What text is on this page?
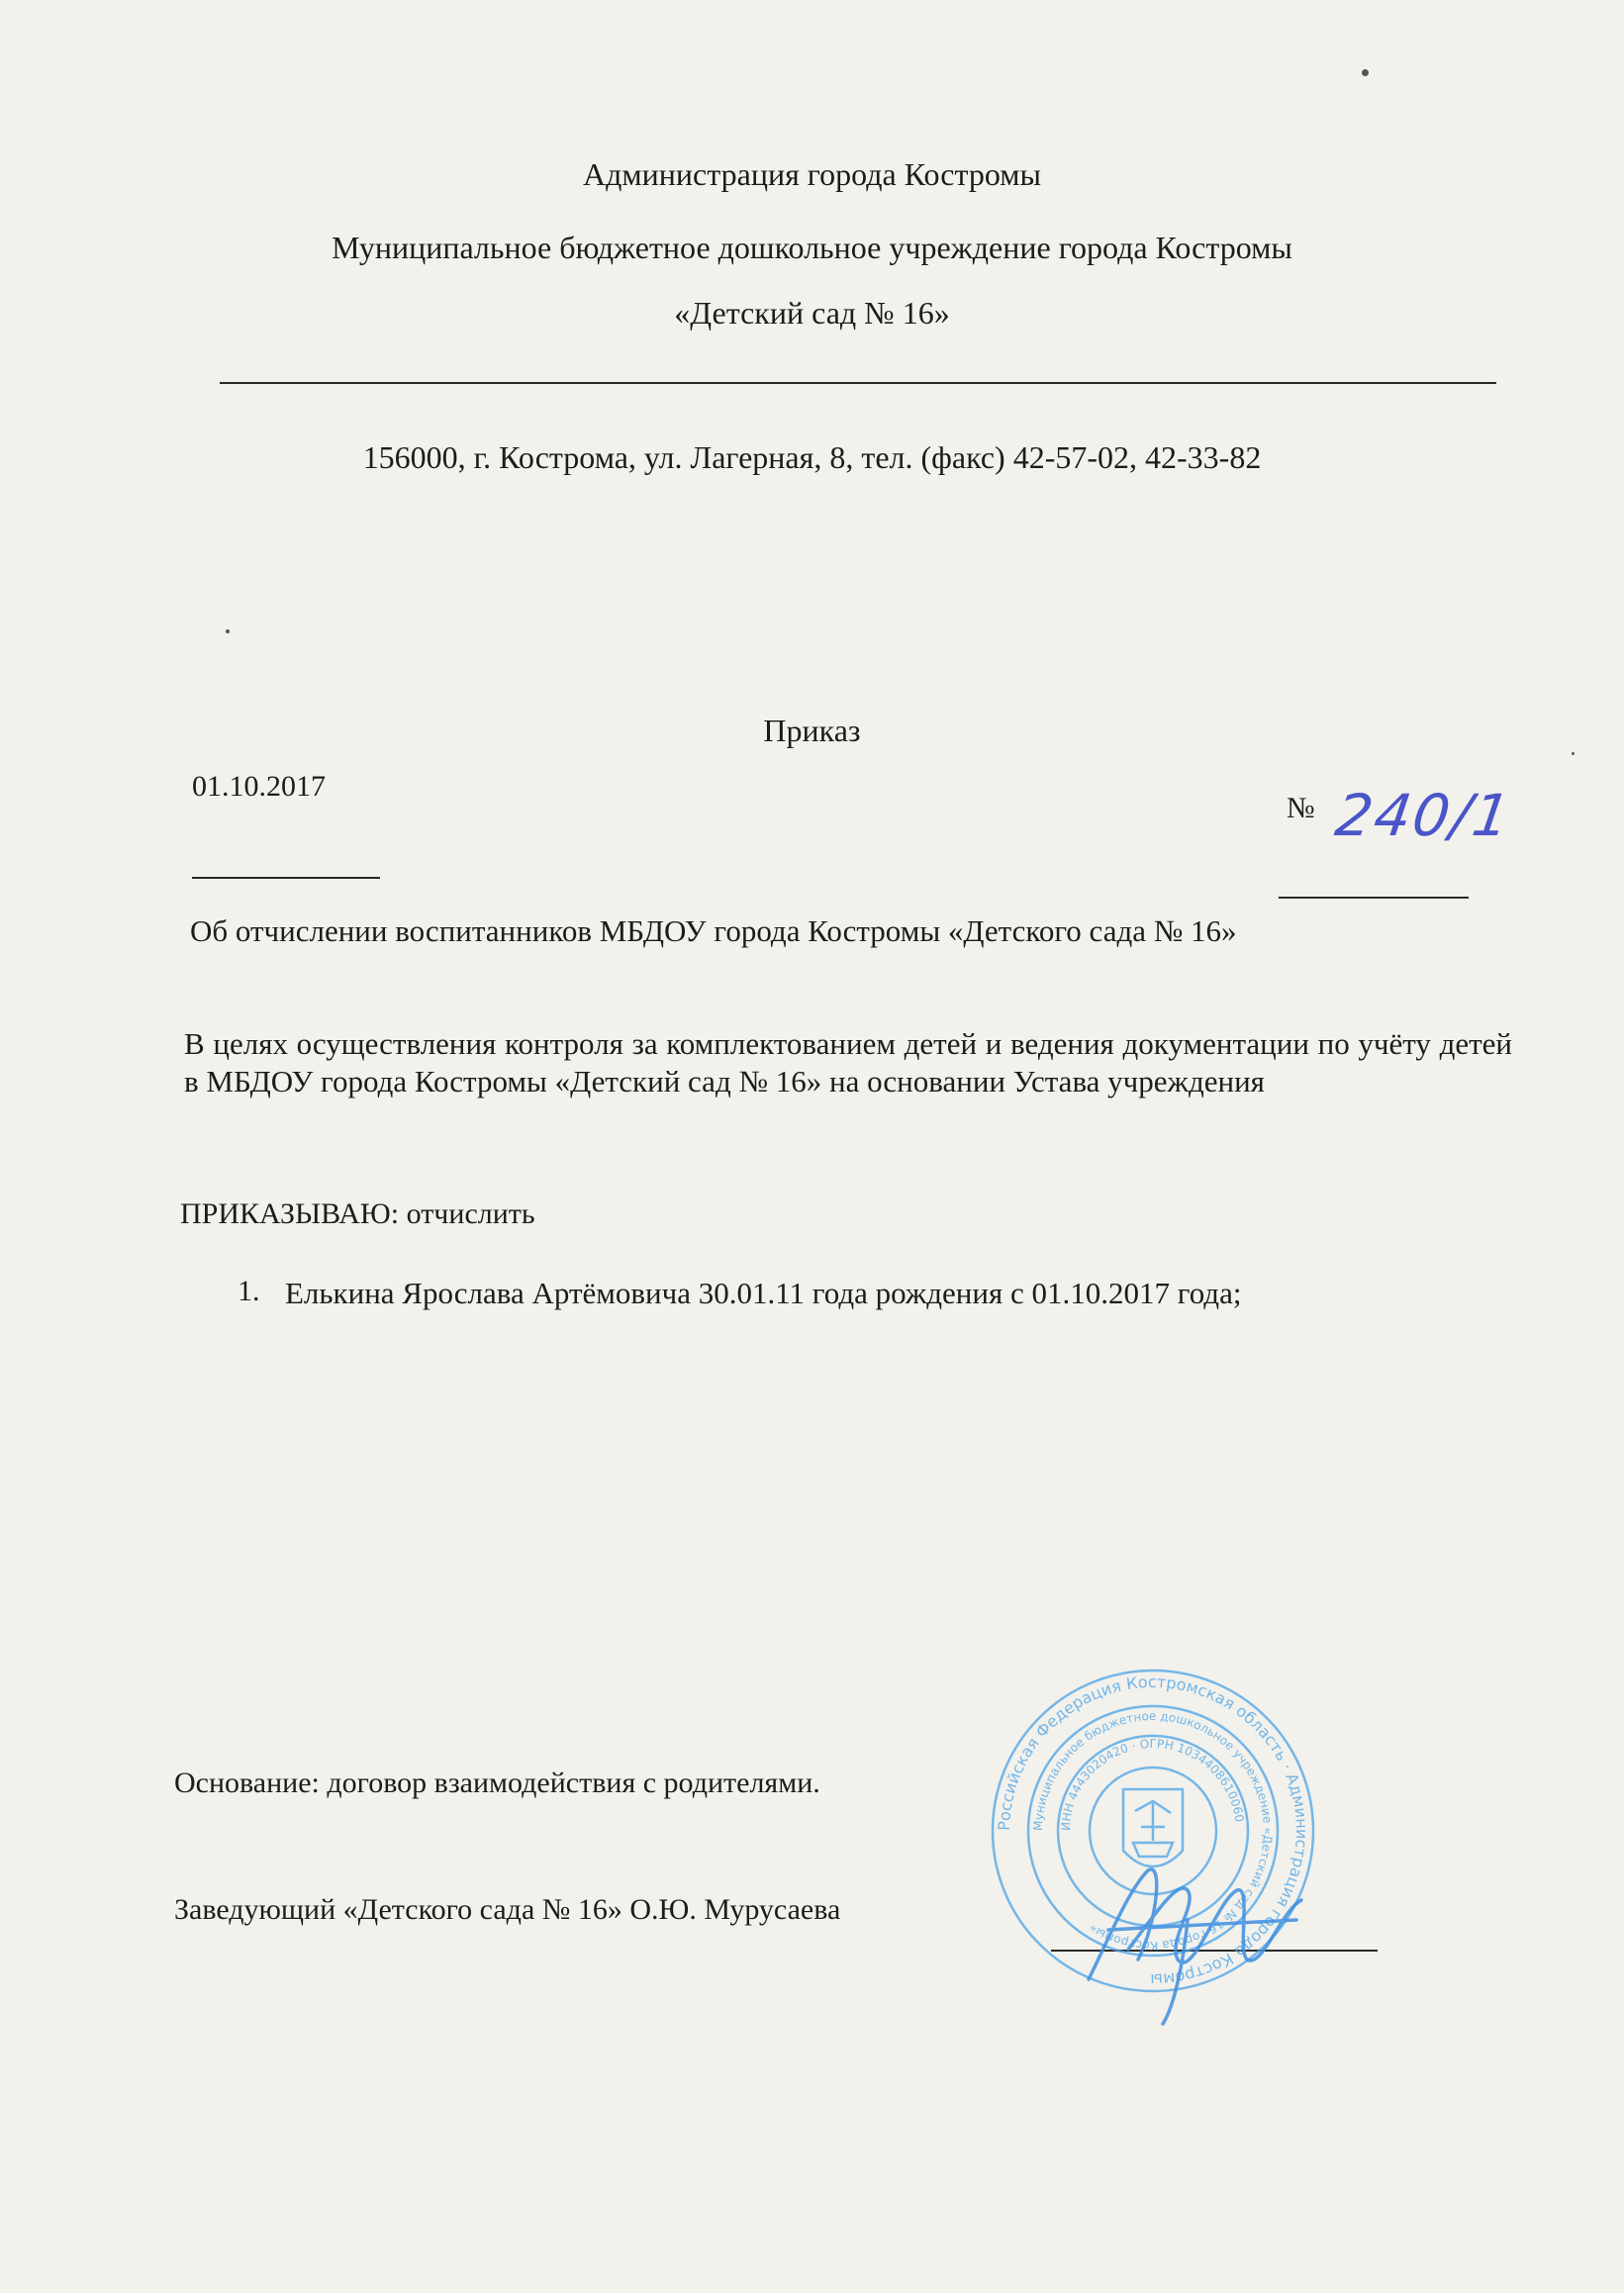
Администрация города Костромы
Муниципальное бюджетное дошкольное учреждение города Костромы
«Детский сад № 16»
156000, г. Кострома, ул. Лагерная, 8, тел. (факс) 42-57-02, 42-33-82
Приказ
01.10.2017
№ 240/1
Об отчислении воспитанников МБДОУ города Костромы «Детского сада № 16»
В целях осуществления контроля за комплектованием детей и ведения документации по учёту детей в МБДОУ города Костромы «Детский сад № 16» на основании Устава учреждения
ПРИКАЗЫВАЮ: отчислить
1. Елькина Ярослава Артёмовича 30.01.11 года рождения с 01.10.2017 года;
Основание: договор взаимодействия с родителями.
Заведующий «Детского сада № 16» О.Ю. Мурусаева
Российская Федерация Костромская область · Администрация города Костромы
Муниципальное бюджетное дошкольное учреждение «Детский сад № 16 города Костромы»
ИНН 4443020420 · ОГРН 1034408610060
